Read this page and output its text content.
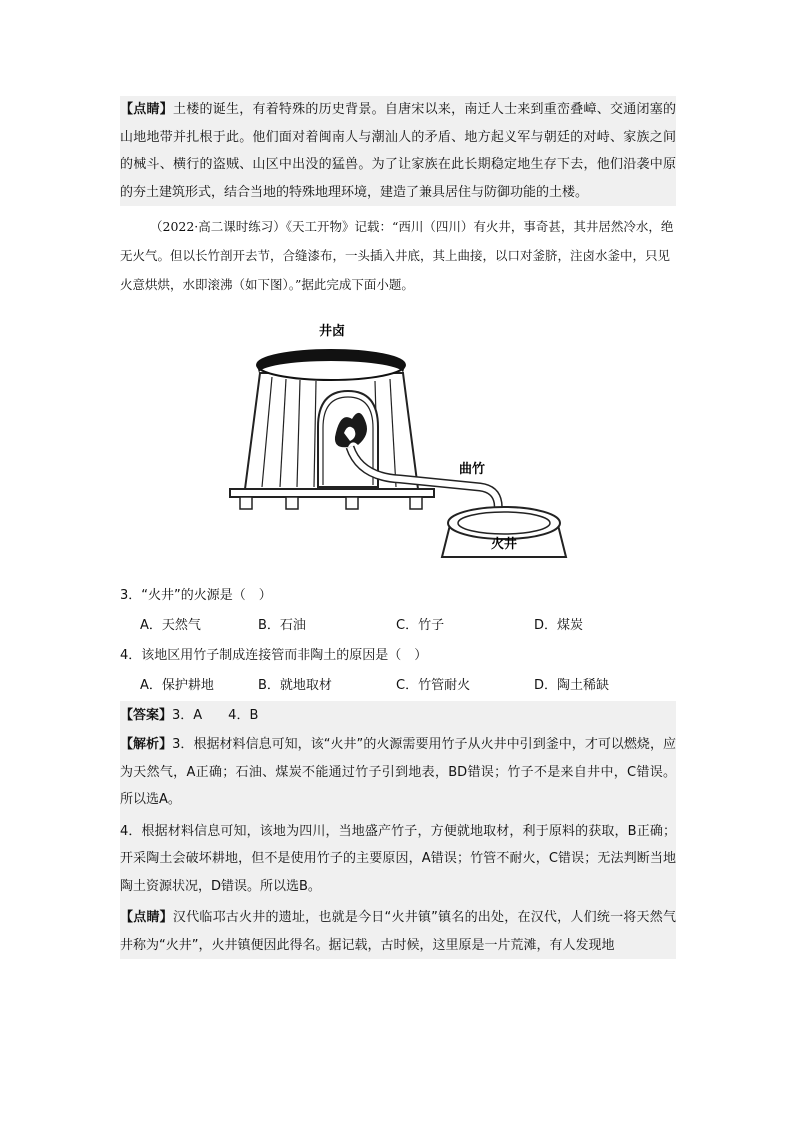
【点睛】土楼的诞生，有着特殊的历史背景。自唐宋以来，南迁人士来到重峦叠嶂、交通闭塞的山地地带并扎根于此。他们面对着闽南人与潮汕人的矛盾、地方起义军与朝廷的对峙、家族之间的械斗、横行的盗贼、山区中出没的猛兽。为了让家族在此长期稳定地生存下去，他们沿袭中原的夯土建筑形式，结合当地的特殊地理环境，建造了兼具居住与防御功能的土楼。

（2022·高二课时练习）《天工开物》记载：“西川（四川）有火井，事奇甚，其井居然冷水，绝无火气。但以长竹剖开去节，合缝漆布，一头插入井底，其上曲接，以口对釜脐，注卤水釜中，只见火意烘烘，水即滚沸（如下图）。”据此完成下面小题。

井卤
曲竹
火井

3．“火井”的火源是（　）

A．天然气	B．石油	C．竹子	D．煤炭

4．该地区用竹子制成连接管而非陶土的原因是（　）

A．保护耕地	B．就地取材	C．竹管耐火	D．陶土稀缺

【答案】3．A　　4．B

【解析】3．根据材料信息可知，该“火井”的火源需要用竹子从火井中引到釜中，才可以燃烧，应为天然气，A正确；石油、煤炭不能通过竹子引到地表，BD错误；竹子不是来自井中，C错误。所以选A。

4．根据材料信息可知，该地为四川，当地盛产竹子，方便就地取材，利于原料的获取，B正确；开采陶土会破坏耕地，但不是使用竹子的主要原因，A错误；竹管不耐火，C错误；无法判断当地陶土资源状况，D错误。所以选B。

【点睛】汉代临邛古火井的遗址，也就是今日“火井镇”镇名的出处，在汉代，人们统一将天然气井称为“火井”，火井镇便因此得名。据记载，古时候，这里原是一片荒滩，有人发现地
